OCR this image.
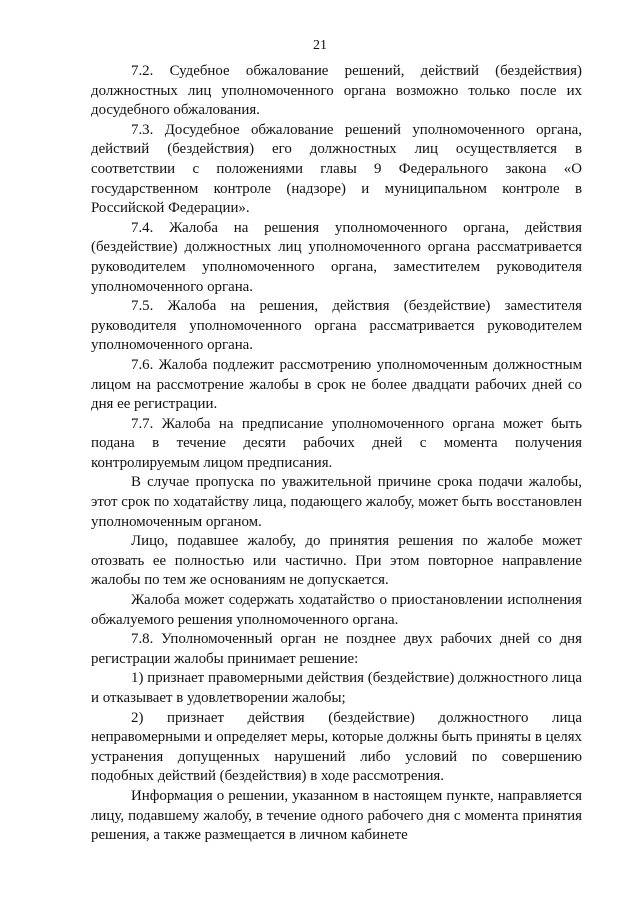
21

7.2. Судебное обжалование решений, действий (бездействия) должностных лиц уполномоченного органа возможно только после их досудебного обжалования.

7.3. Досудебное обжалование решений уполномоченного органа, действий (бездействия) его должностных лиц осуществляется в соответствии с положениями главы 9 Федерального закона «О государственном контроле (надзоре) и муниципальном контроле в Российской Федерации».

7.4. Жалоба на решения уполномоченного органа, действия (бездействие) должностных лиц уполномоченного органа рассматривается руководителем уполномоченного органа, заместителем руководителя уполномоченного органа.

7.5. Жалоба на решения, действия (бездействие) заместителя руководителя уполномоченного органа рассматривается руководителем уполномоченного органа.

7.6. Жалоба подлежит рассмотрению уполномоченным должностным лицом на рассмотрение жалобы в срок не более двадцати рабочих дней со дня ее регистрации.

7.7. Жалоба на предписание уполномоченного органа может быть подана в течение десяти рабочих дней с момента получения контролируемым лицом предписания.

В случае пропуска по уважительной причине срока подачи жалобы, этот срок по ходатайству лица, подающего жалобу, может быть восстановлен уполномоченным органом.

Лицо, подавшее жалобу, до принятия решения по жалобе может отозвать ее полностью или частично. При этом повторное направление жалобы по тем же основаниям не допускается.

Жалоба может содержать ходатайство о приостановлении исполнения обжалуемого решения уполномоченного органа.

7.8. Уполномоченный орган не позднее двух рабочих дней со дня регистрации жалобы принимает решение:

1) признает правомерными действия (бездействие) должностного лица и отказывает в удовлетворении жалобы;

2) признает действия (бездействие) должностного лица неправомерными и определяет меры, которые должны быть приняты в целях устранения допущенных нарушений либо условий по совершению подобных действий (бездействия) в ходе рассмотрения.

Информация о решении, указанном в настоящем пункте, направляется лицу, подавшему жалобу, в течение одного рабочего дня с момента принятия решения, а также размещается в личном кабинете
